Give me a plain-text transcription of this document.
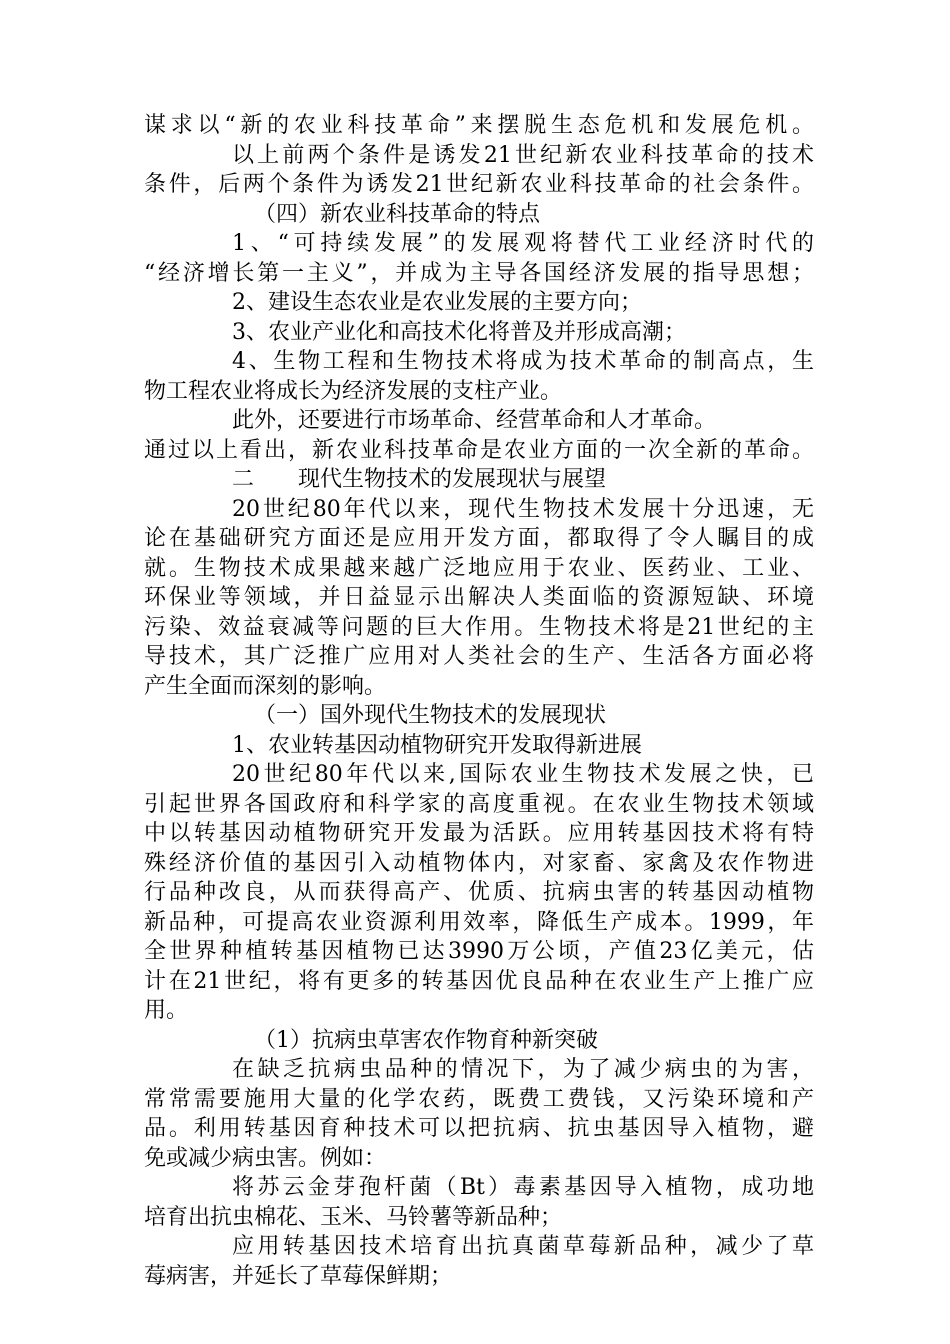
谋求以“新的农业科技革命”来摆脱生态危机和发展危机。
以上前两个条件是诱发21世纪新农业科技革命的技术
条件，后两个条件为诱发21世纪新农业科技革命的社会条件。
（四）新农业科技革命的特点
1、“可持续发展”的发展观将替代工业经济时代的
“经济增长第一主义”，并成为主导各国经济发展的指导思想；
2、建设生态农业是农业发展的主要方向；
3、农业产业化和高技术化将普及并形成高潮；
4、生物工程和生物技术将成为技术革命的制高点，生
物工程农业将成长为经济发展的支柱产业。
此外，还要进行市场革命、经营革命和人才革命。
通过以上看出，新农业科技革命是农业方面的一次全新的革命。
二　　现代生物技术的发展现状与展望
20世纪80年代以来，现代生物技术发展十分迅速，无
论在基础研究方面还是应用开发方面，都取得了令人瞩目的成
就。生物技术成果越来越广泛地应用于农业、医药业、工业、
环保业等领域，并日益显示出解决人类面临的资源短缺、环境
污染、效益衰减等问题的巨大作用。生物技术将是21世纪的主
导技术，其广泛推广应用对人类社会的生产、生活各方面必将
产生全面而深刻的影响。
（一）国外现代生物技术的发展现状
1、农业转基因动植物研究开发取得新进展
20世纪80年代以来,国际农业生物技术发展之快，已
引起世界各国政府和科学家的高度重视。在农业生物技术领域
中以转基因动植物研究开发最为活跃。应用转基因技术将有特
殊经济价值的基因引入动植物体内，对家畜、家禽及农作物进
行品种改良，从而获得高产、优质、抗病虫害的转基因动植物
新品种，可提高农业资源利用效率，降低生产成本。1999，年
全世界种植转基因植物已达3990万公顷，产值23亿美元，估
计在21世纪，将有更多的转基因优良品种在农业生产上推广应
用。
（1）抗病虫草害农作物育种新突破
在缺乏抗病虫品种的情况下，为了减少病虫的为害，
常常需要施用大量的化学农药，既费工费钱，又污染环境和产
品。利用转基因育种技术可以把抗病、抗虫基因导入植物，避
免或减少病虫害。例如：
将苏云金芽孢杆菌（Bt）毒素基因导入植物，成功地
培育出抗虫棉花、玉米、马铃薯等新品种；
应用转基因技术培育出抗真菌草莓新品种，减少了草
莓病害，并延长了草莓保鲜期；
